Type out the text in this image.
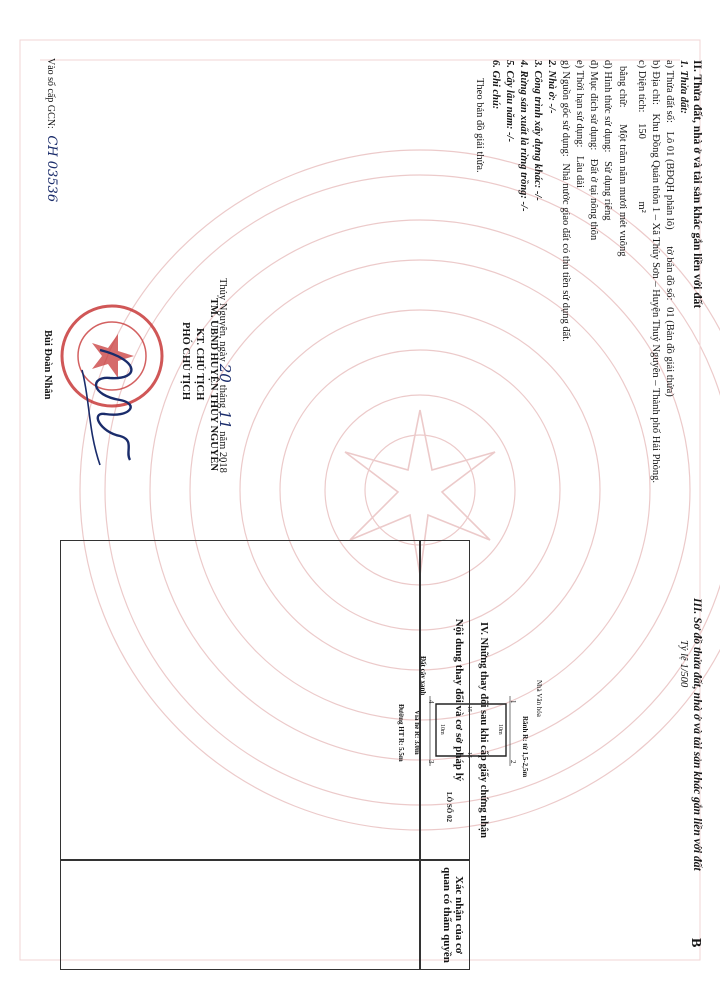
II. Thửa đất, nhà ở và tài sản khác gắn liền với đất
1. Thửa đất:
a) Thửa đất số: Lô 01 (BĐQH phân lô) tờ bản đồ số: 01 (Bản đồ giải thửa)
b) Địa chỉ: Khu Đồng Quán thôn 1 – Xã Thủy Sơn – Huyện Thuỷ Nguyên – Thành phố Hải Phòng.
c) Diện tích: 150 m²
bằng chữ: Một trăm năm mươi mét vuông
d) Hình thức sử dụng: Sử dụng riêng
đ) Mục đích sử dụng: Đất ở tại nông thôn
e) Thời hạn sử dụng: Lâu dài
g) Nguồn gốc sử dụng: Nhà nước giao đất có thu tiền sử dụng đất.
2. Nhà ở: -/-
3. Công trình xây dựng khác: -/-
4. Rừng sản xuất là rừng trồng: -/-
5. Cây lâu năm: -/-
6. Ghi chú:
Theo bản đồ giải thửa.
Thủy Nguyên, ngày20tháng11năm 2018
TM. UBND HUYỆN THỦY NGUYÊN
KT. CHỦ TỊCH
PHÓ CHỦ TỊCH
Bùi Đoàn Nhân
Vào sổ cấp GCN: CH 03536
III. Sơ đồ thửa đất, nhà ở và tài sản khác gắn liền với đất
Tỷ lệ 1/500
B
Nhà Văn hóa
Rãnh R: từ 1,5-2,5m
LÔ SỐ 02
Đất cây xanh
Vỉa hè R: 3.0m
Đường HT R: 5.5m
1
2
3
4
10m
10m
15
15 IV. Những thay đổi sau khi cấp giấy chứng nhận
Nội dung thay đổi và cơ sở pháp lý
Xác nhận của cơ quan có thẩm quyền
